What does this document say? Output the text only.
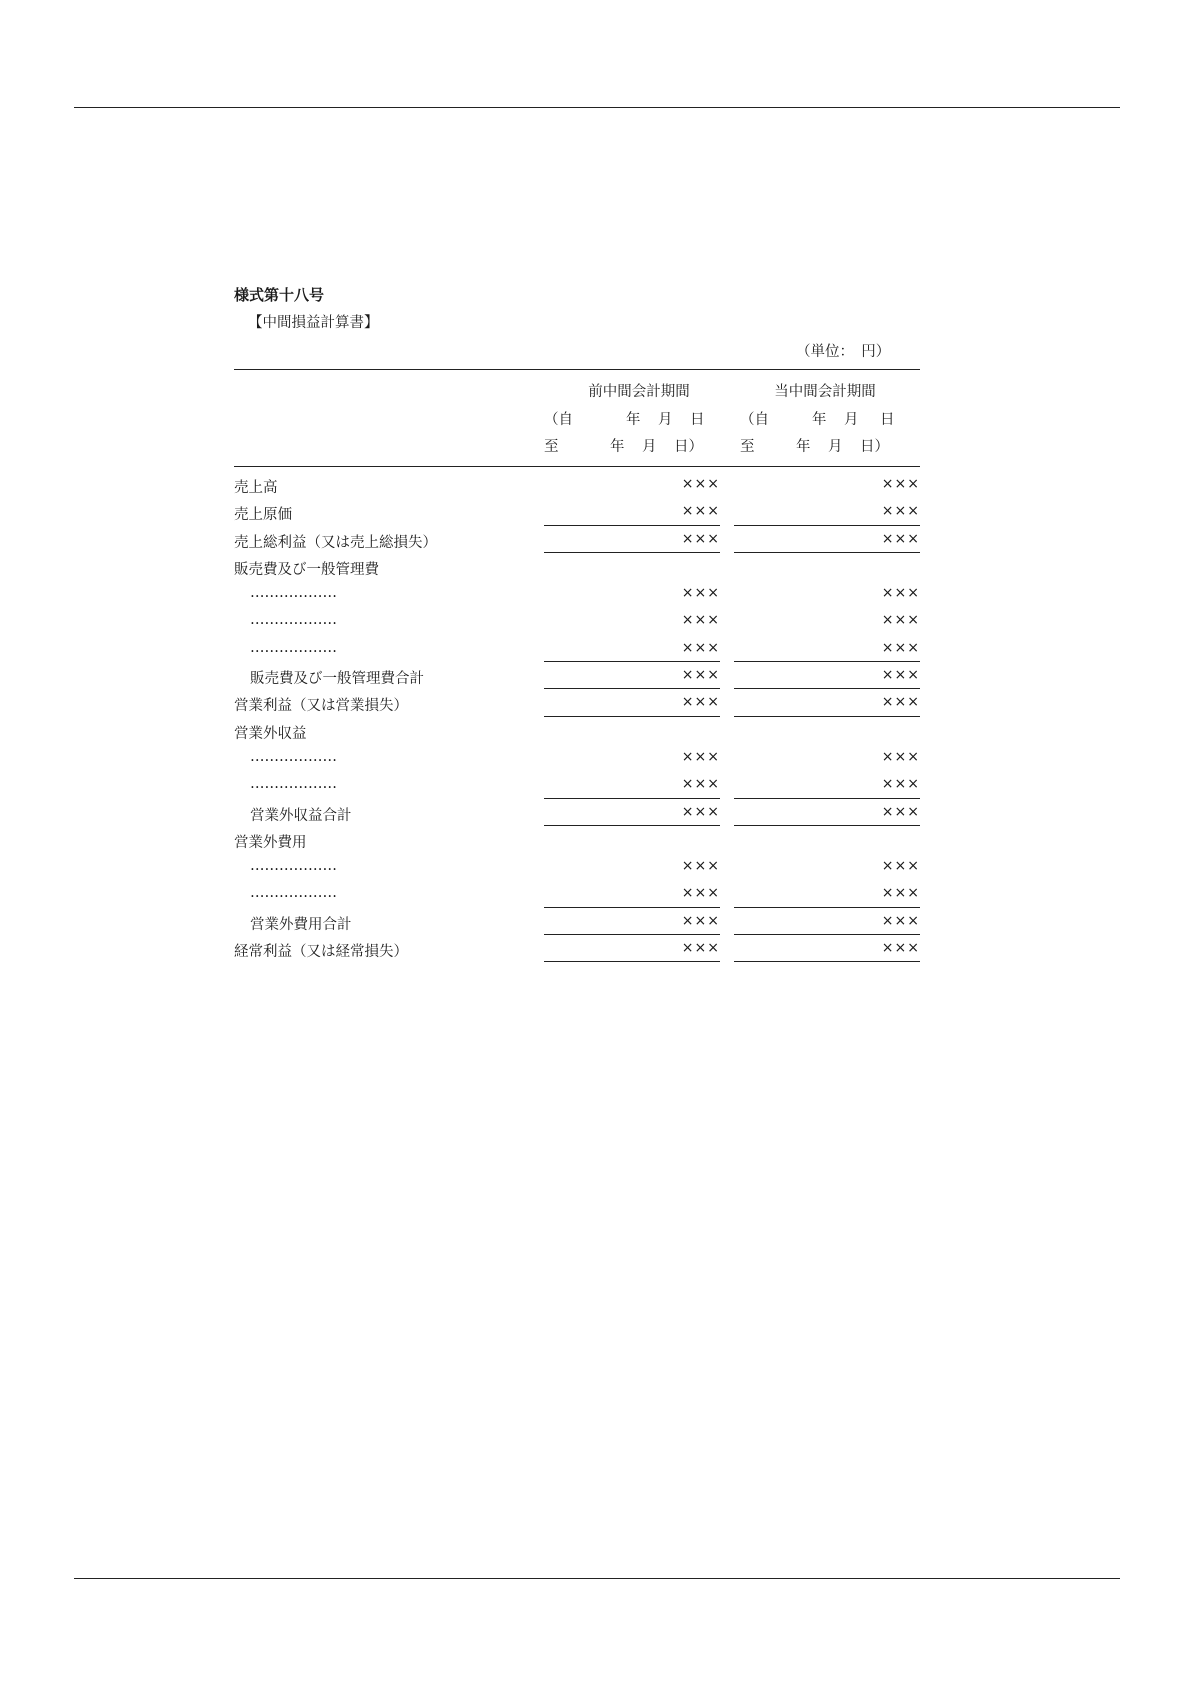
様式第十八号
【中間損益計算書】
（単位：　円）
前中間会計期間
（自	年 月 日
至	年 月 日）
当中間会計期間
（自	年 月 日
至	年 月 日）
売上高	×××	×××
売上原価	×××	×××
売上総利益（又は売上総損失）	×××	×××
販売費及び一般管理費
………………	×××	×××
………………	×××	×××
………………	×××	×××
販売費及び一般管理費合計	×××	×××
営業利益（又は営業損失）	×××	×××
営業外収益
………………	×××	×××
………………	×××	×××
営業外収益合計	×××	×××
営業外費用
………………	×××	×××
………………	×××	×××
営業外費用合計	×××	×××
経常利益（又は経常損失）	×××	×××
